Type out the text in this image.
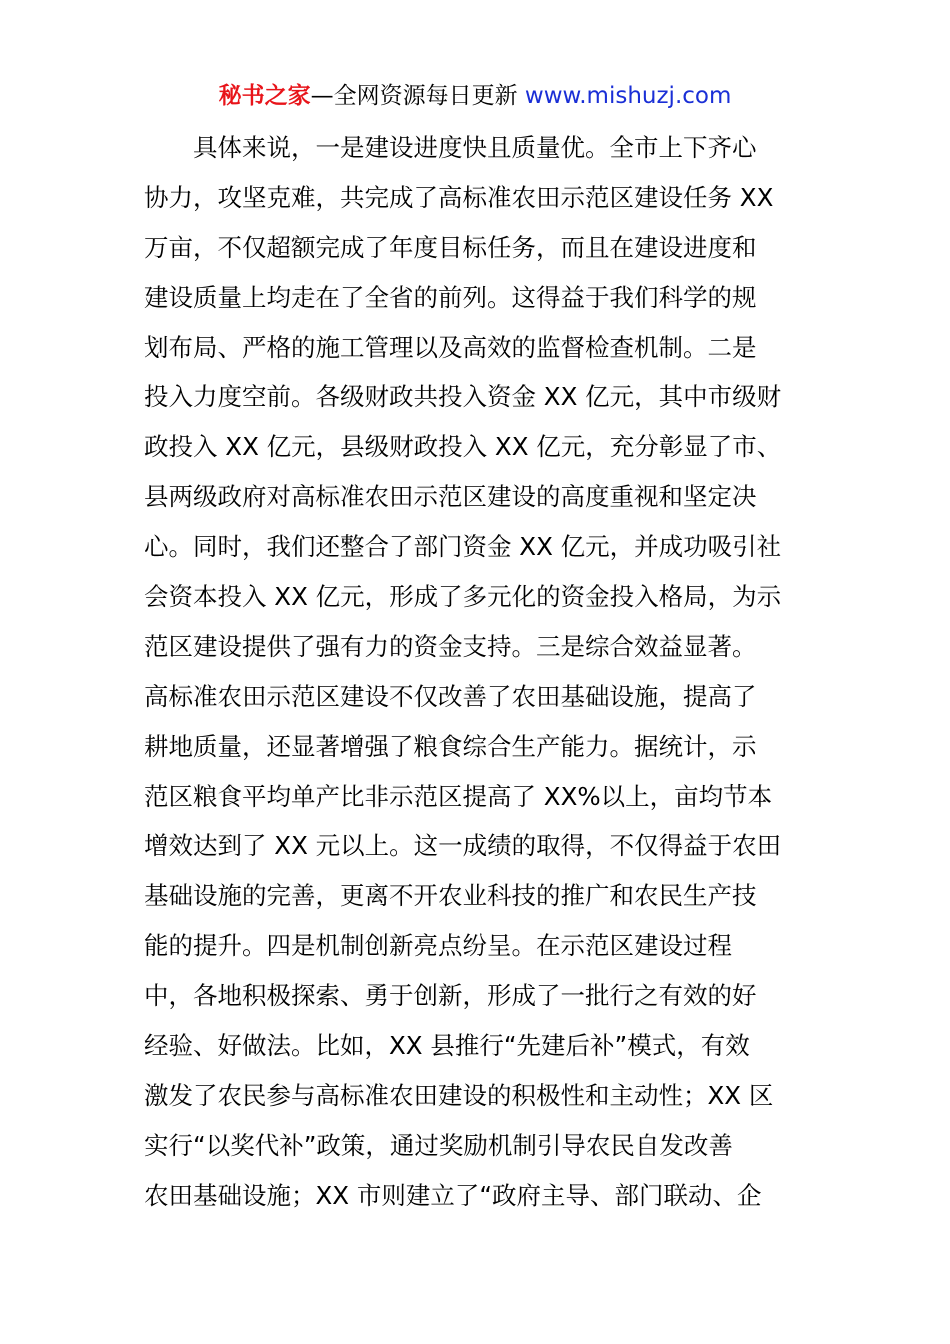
秘书之家—全网资源每日更新 www.mishuzj.com
　　具体来说，一是建设进度快且质量优。全市上下齐心
协力，攻坚克难，共完成了高标准农田示范区建设任务 XX
万亩，不仅超额完成了年度目标任务，而且在建设进度和
建设质量上均走在了全省的前列。这得益于我们科学的规
划布局、严格的施工管理以及高效的监督检查机制。二是
投入力度空前。各级财政共投入资金 XX 亿元，其中市级财
政投入 XX 亿元，县级财政投入 XX 亿元，充分彰显了市、
县两级政府对高标准农田示范区建设的高度重视和坚定决
心。同时，我们还整合了部门资金 XX 亿元，并成功吸引社
会资本投入 XX 亿元，形成了多元化的资金投入格局，为示
范区建设提供了强有力的资金支持。三是综合效益显著。
高标准农田示范区建设不仅改善了农田基础设施，提高了
耕地质量，还显著增强了粮食综合生产能力。据统计，示
范区粮食平均单产比非示范区提高了 XX%以上，亩均节本
增效达到了 XX 元以上。这一成绩的取得，不仅得益于农田
基础设施的完善，更离不开农业科技的推广和农民生产技
能的提升。四是机制创新亮点纷呈。在示范区建设过程
中，各地积极探索、勇于创新，形成了一批行之有效的好
经验、好做法。比如，XX 县推行“先建后补”模式，有效
激发了农民参与高标准农田建设的积极性和主动性；XX 区
实行“以奖代补”政策，通过奖励机制引导农民自发改善
农田基础设施；XX 市则建立了“政府主导、部门联动、企
